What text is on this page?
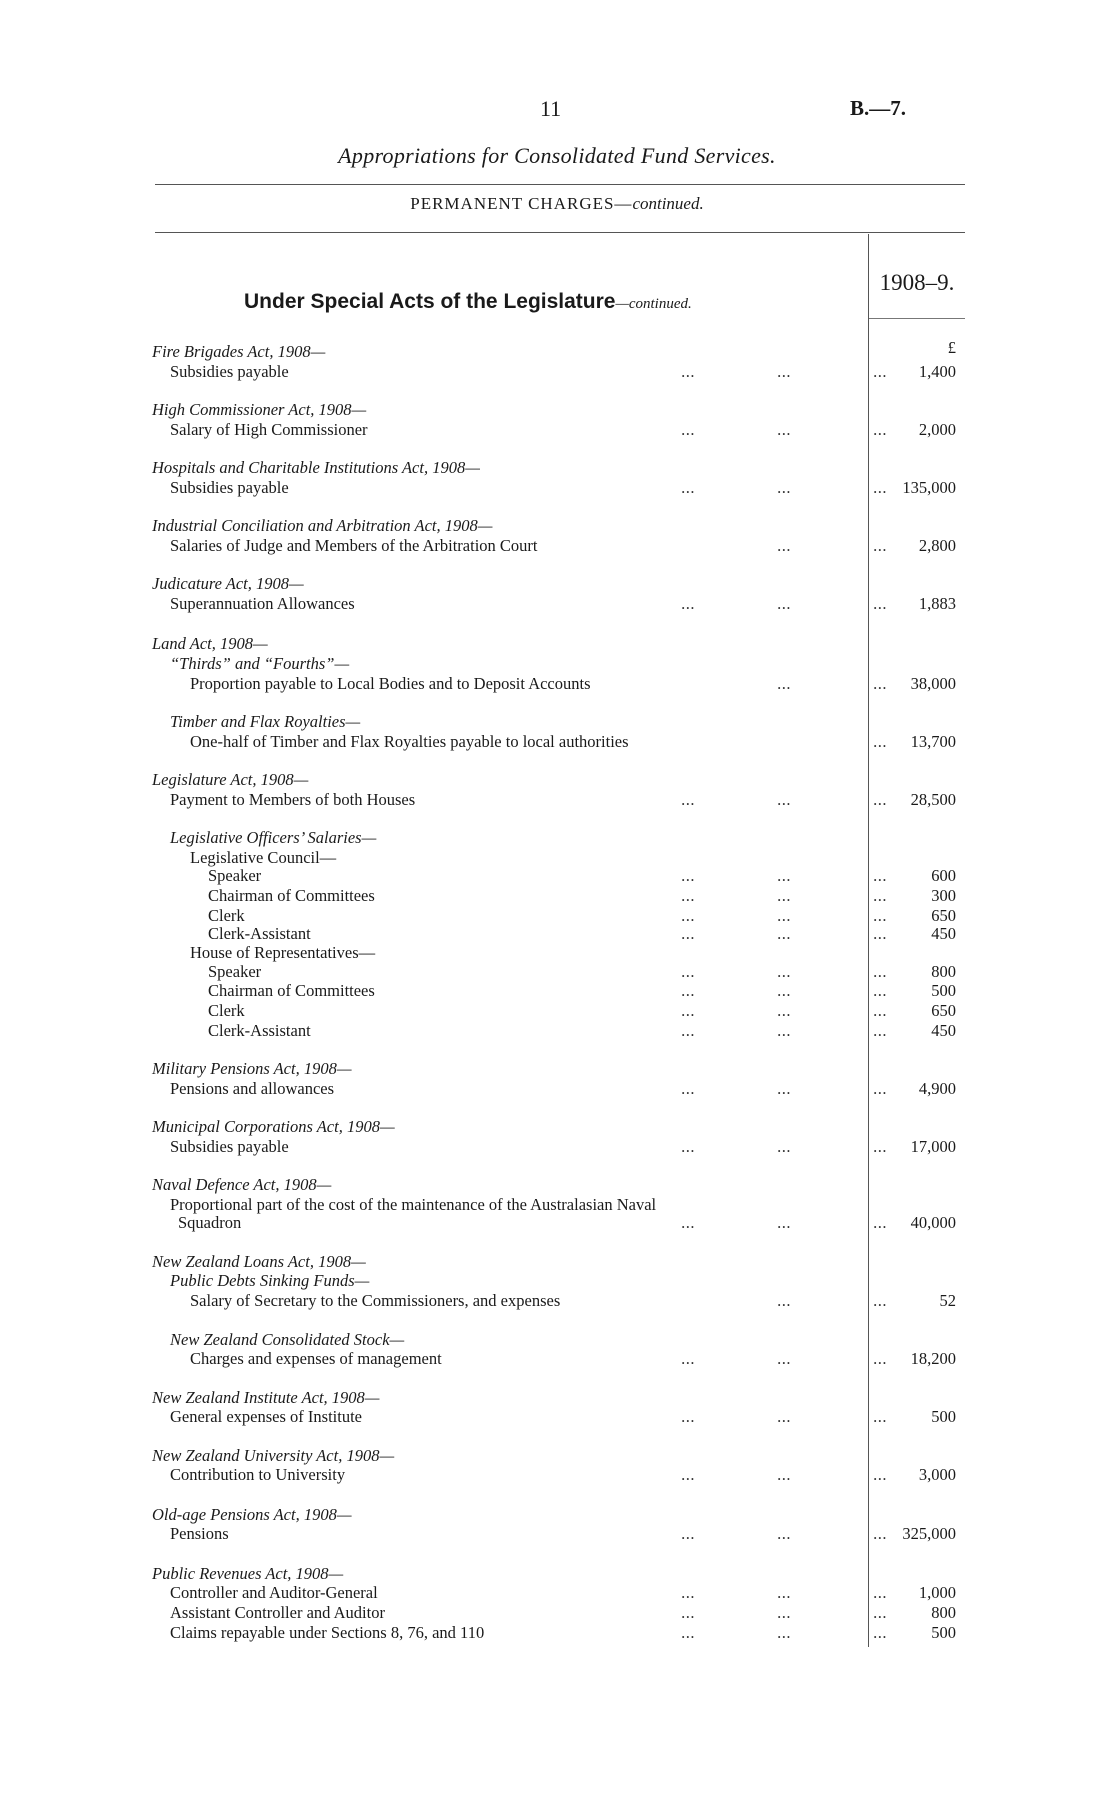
11	B.—7.
Appropriations for Consolidated Fund Services.
PERMANENT CHARGES—continued.
Under Special Acts of the Legislature—continued.
1908–9.
£
Fire Brigades Act, 1908—
Subsidies payable	...	...	...	1,400
High Commissioner Act, 1908—
Salary of High Commissioner	...	...	...	2,000
Hospitals and Charitable Institutions Act, 1908—
Subsidies payable	...	...	... 135,000
Industrial Conciliation and Arbitration Act, 1908—
Salaries of Judge and Members of the Arbitration Court	...	...	2,800
Judicature Act, 1908—
Superannuation Allowances	...	...	...	1,883
Land Act, 1908—
“Thirds” and “Fourths”—
Proportion payable to Local Bodies and to Deposit Accounts	...	...	38,000
Timber and Flax Royalties—
One-half of Timber and Flax Royalties payable to local authorities	...	13,700
Legislature Act, 1908—
Payment to Members of both Houses	...	...	...	28,500
Legislative Officers’ Salaries—
Legislative Council—
Speaker	...	...	...	600
Chairman of Committees	...	...	...	300
Clerk	...	...	...	650
Clerk-Assistant	...	...	...	450
House of Representatives—
Speaker	...	...	...	800
Chairman of Committees	...	...	...	500
Clerk	...	...	...	650
Clerk-Assistant	...	...	...	450
Military Pensions Act, 1908—
Pensions and allowances	...	...	...	4,900
Municipal Corporations Act, 1908—
Subsidies payable	...	...	...	17,000
Naval Defence Act, 1908—
Proportional part of the cost of the maintenance of the Australasian Naval
Squadron	...	...	...	40,000
New Zealand Loans Act, 1908—
Public Debts Sinking Funds—
Salary of Secretary to the Commissioners, and expenses	...	...	52
New Zealand Consolidated Stock—
Charges and expenses of management	...	...	...	18,200
New Zealand Institute Act, 1908—
General expenses of Institute	...	...	...	500
New Zealand University Act, 1908—
Contribution to University	...	...	...	3,000
Old-age Pensions Act, 1908—
Pensions	...	...	... 325,000
Public Revenues Act, 1908—
Controller and Auditor-General	...	...	...	1,000
Assistant Controller and Auditor	...	...	...	800
Claims repayable under Sections 8, 76, and 110	...	...	...	500
